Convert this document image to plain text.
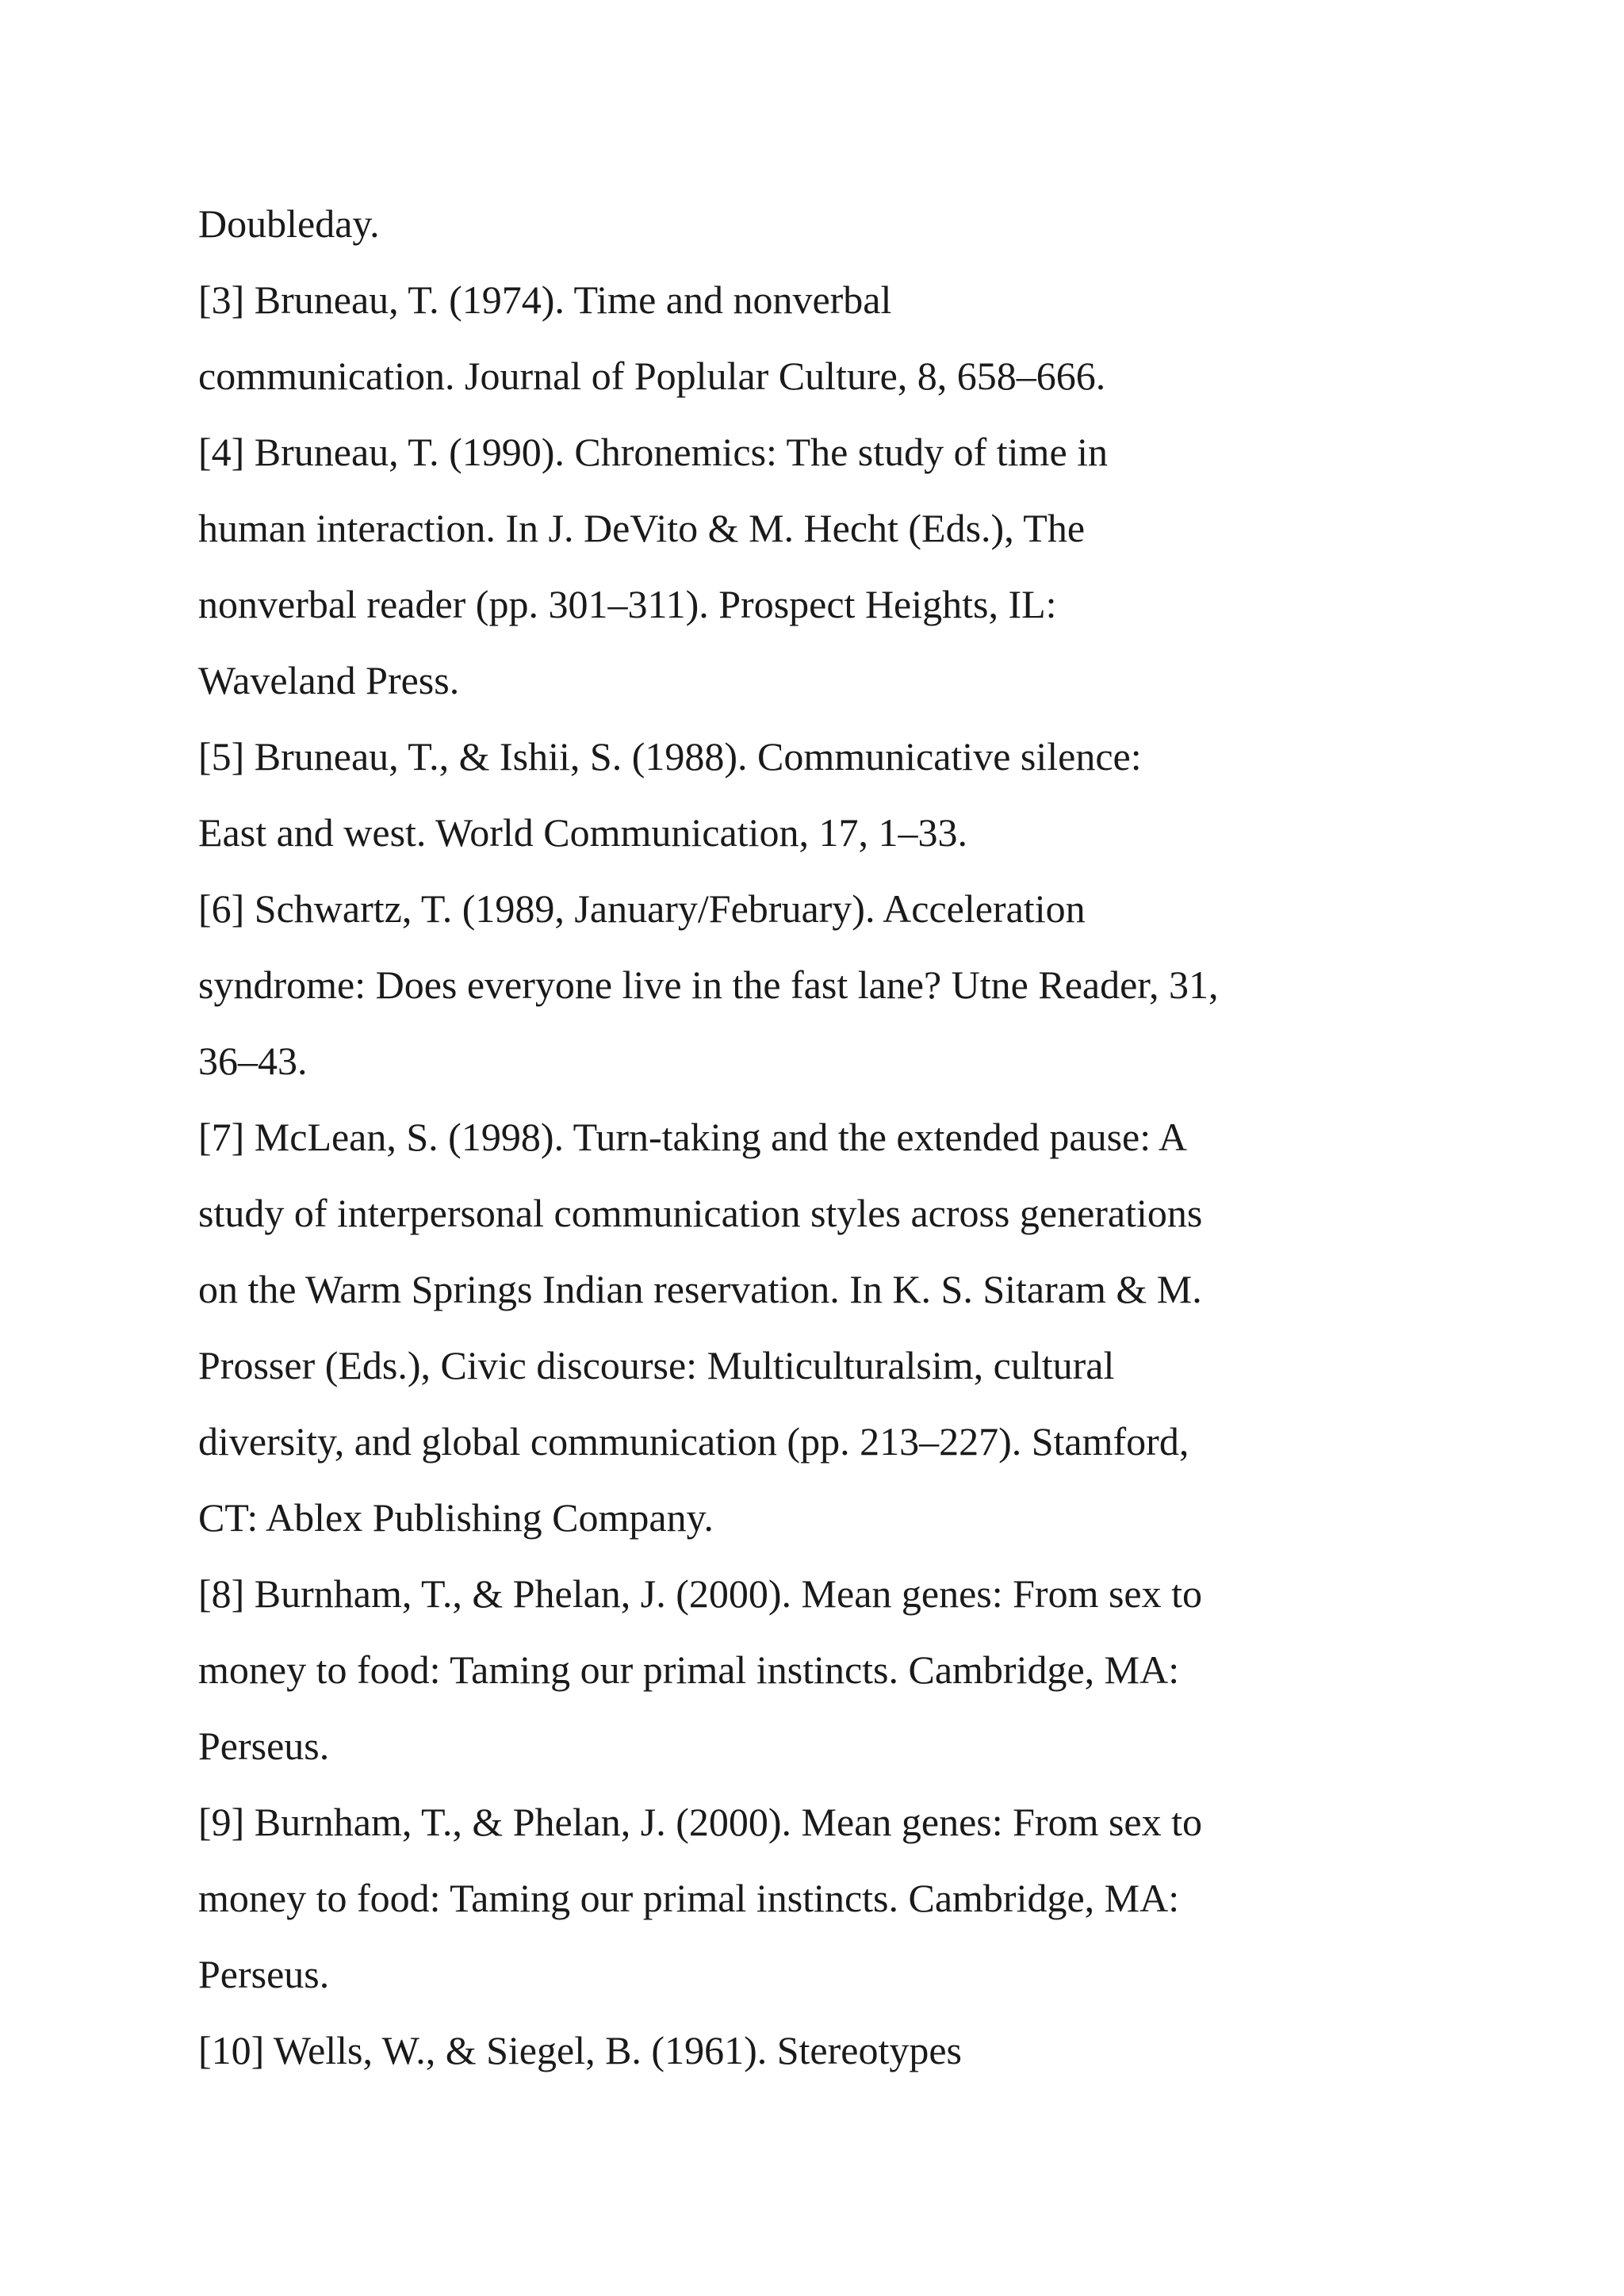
Doubleday.

[3] Bruneau, T. (1974). Time and nonverbal

communication. Journal of Poplular Culture, 8, 658–666.

[4] Bruneau, T. (1990). Chronemics: The study of time in

human interaction. In J. DeVito & M. Hecht (Eds.), The

nonverbal reader (pp. 301–311). Prospect Heights, IL:

Waveland Press.

[5] Bruneau, T., & Ishii, S. (1988). Communicative silence:

East and west. World Communication, 17, 1–33.

[6] Schwartz, T. (1989, January/February). Acceleration

syndrome: Does everyone live in the fast lane? Utne Reader, 31,

36–43.

[7] McLean, S. (1998). Turn-taking and the extended pause: A

study of interpersonal communication styles across generations

on the Warm Springs Indian reservation. In K. S. Sitaram & M.

Prosser (Eds.), Civic discourse: Multiculturalsim, cultural

diversity, and global communication (pp. 213–227). Stamford,

CT: Ablex Publishing Company.

[8] Burnham, T., & Phelan, J. (2000). Mean genes: From sex to

money to food: Taming our primal instincts. Cambridge, MA:

Perseus.

[9] Burnham, T., & Phelan, J. (2000). Mean genes: From sex to

money to food: Taming our primal instincts. Cambridge, MA:

Perseus.

[10] Wells, W., & Siegel, B. (1961). Stereotypes
